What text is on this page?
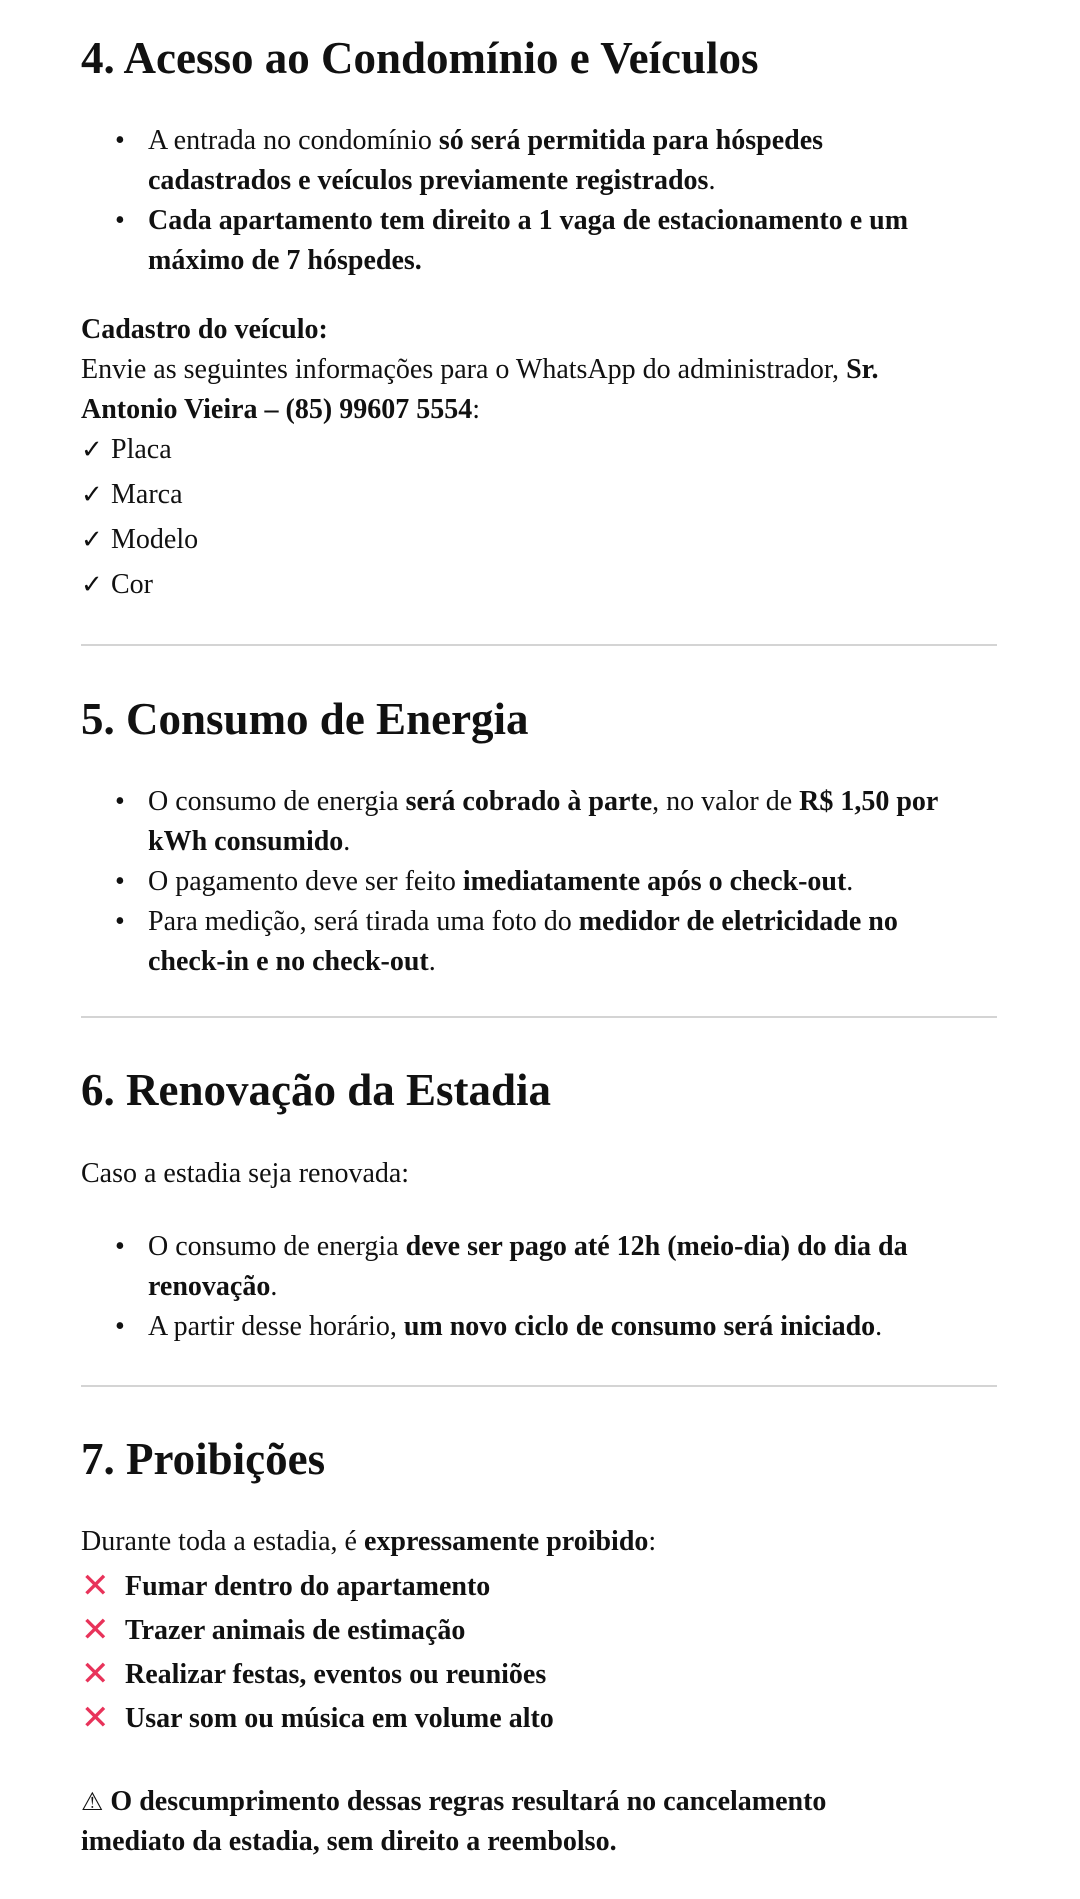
4. Acesso ao Condomínio e Veículos
• A entrada no condomínio só será permitida para hóspedes
cadastrados e veículos previamente registrados.
• Cada apartamento tem direito a 1 vaga de estacionamento e um
máximo de 7 hóspedes.

Cadastro do veículo:

Envie as seguintes informações para o WhatsApp do administrador, Sr.
Antonio Vieira – (85) 99607 5554:

✓ Placa

✓ Marca

✓ Modelo

✓ Cor

5. Consumo de Energia
• O consumo de energia será cobrado à parte, no valor de R$ 1,50 por
kWh consumido.
• O pagamento deve ser feito imediatamente após o check-out.
• Para medição, será tirada uma foto do medidor de eletricidade no
check-in e no check-out.
6. Renovação da Estadia

Caso a estadia seja renovada:

• O consumo de energia deve ser pago até 12h (meio-dia) do dia da
renovação.
• A partir desse horário, um novo ciclo de consumo será iniciado.
7. Proibições

Durante toda a estadia, é expressamente proibido:

✕ Fumar dentro do apartamento

✕ Trazer animais de estimação

✕ Realizar festas, eventos ou reuniões

✕ Usar som ou música em volume alto

⚠ O descumprimento dessas regras resultará no cancelamento
imediato da estadia, sem direito a reembolso.
